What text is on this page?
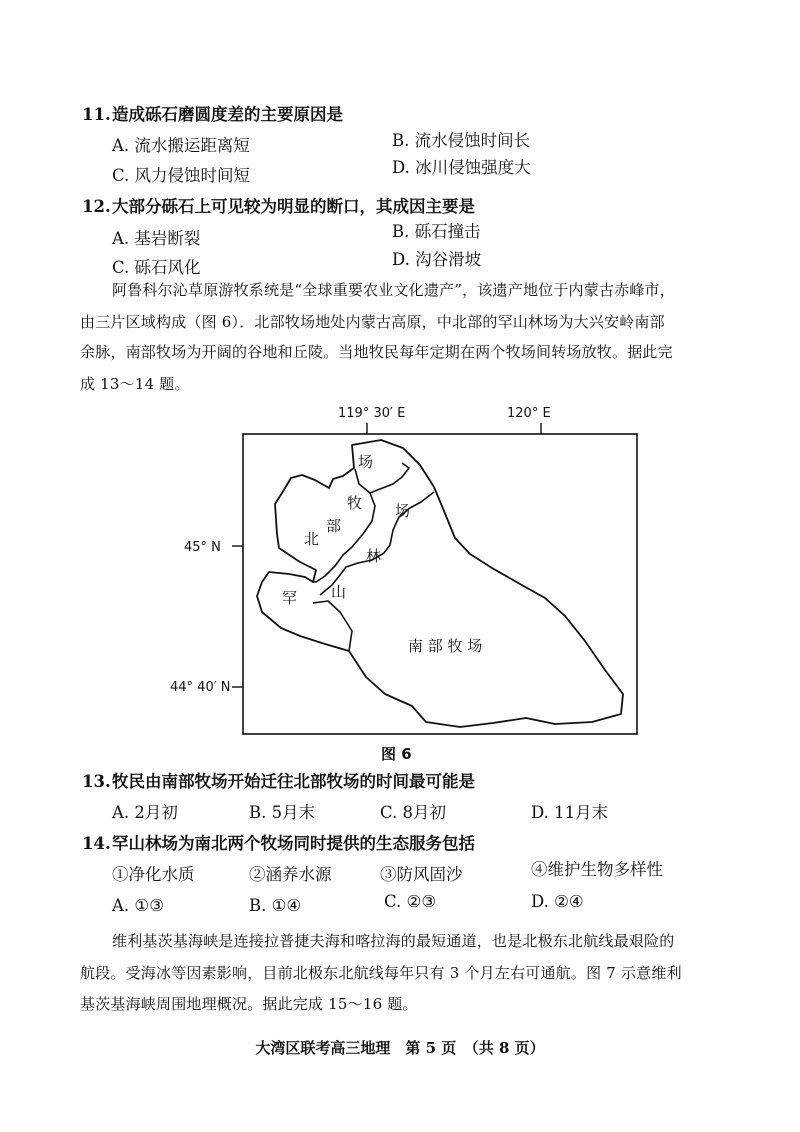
11.造成砾石磨圆度差的主要原因是
A. 流水搬运距离短	B. 流水侵蚀时间长
C. 风力侵蚀时间短	D. 冰川侵蚀强度大
12.大部分砾石上可见较为明显的断口，其成因主要是
A. 基岩断裂	B. 砾石撞击
C. 砾石风化	D. 沟谷滑坡
阿鲁科尔沁草原游牧系统是“全球重要农业文化遗产”，该遗产地位于内蒙古赤峰市，
由三片区域构成（图 6）．北部牧场地处内蒙古高原，中北部的罕山林场为大兴安岭南部
余脉，南部牧场为开阔的谷地和丘陵。当地牧民每年定期在两个牧场间转场放牧。据此完
成 13～14 题。
119° 30′ E	120° E
45° N
44° 40′ N
北
部
牧
场
罕 山
林
场
南 部 牧 场
图 6
13.牧民由南部牧场开始迁往北部牧场的时间最可能是
A. 2月初	B. 5月末	C. 8月初	D. 11月末
14.罕山林场为南北两个牧场同时提供的生态服务包括
①净化水质	②涵养水源	③防风固沙	④维护生物多样性
A. ①③	B. ①④	C. ②③	D. ②④
维利基茨基海峡是连接拉普捷夫海和喀拉海的最短通道，也是北极东北航线最艰险的
航段。受海冰等因素影响，目前北极东北航线每年只有 3 个月左右可通航。图 7 示意维利
基茨基海峡周围地理概况。据此完成 15～16 题。
大湾区联考高三地理　第 5 页　（共 8 页）
